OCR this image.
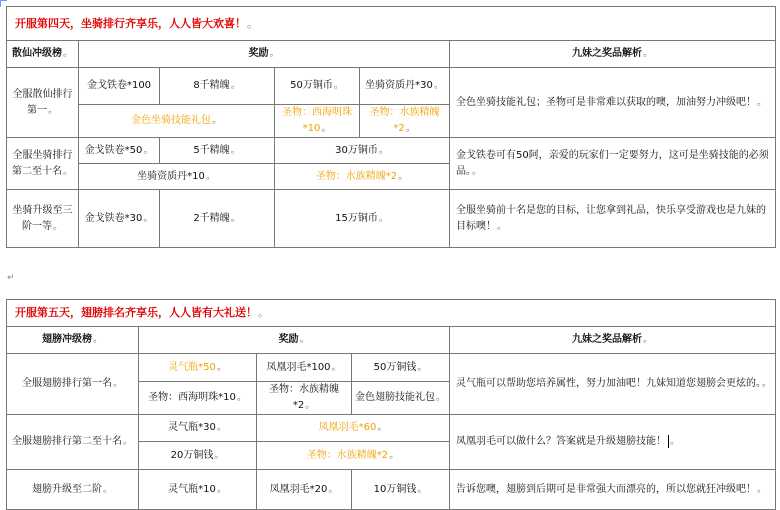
开服第四天，坐骑排行齐享乐，人人皆大欢喜！。					
散仙冲级榜。	奖励。				九妹之奖品解析。
全服散仙排行第一。	金戈铁卷*100	8千精魄。	50万铜币。	坐骑资质丹*30。	全色坐骑技能礼包；圣物可是非常难以获取的噢，加油努力冲级吧！。
	金色坐骑技能礼包。		圣物：西海明珠*10。	圣物：水族精魄*2。	
全服坐骑排行第二至十名。	金戈铁卷*50。	5千精魄。	30万铜币。		金戈铁卷可有50阿，亲爱的玩家们一定要努力，这可是坐骑技能的必须品。。
	坐骑资质丹*10。		圣物：水族精魄*2。		
坐骑升级至三阶一等。	金戈铁卷*30。	2千精魄。	15万铜币。		全服坐骑前十名是您的目标，让您拿到礼品，快乐享受游戏也是九妹的目标噢！。
↵
开服第五天，翅膀排名齐享乐，人人皆有大礼送！。				
翅膀冲级榜。	奖励。			九妹之奖品解析。
全服翅膀排行第一名。	灵气瓶*50。	凤凰羽毛*100。	50万铜钱。	灵气瓶可以帮助您培养属性，努力加油吧！九妹知道您翅膀会更炫的。。
	圣物：西海明珠*10。	圣物：水族精魄*2。	金色翅膀技能礼包。	
全服翅膀排行第二至十名。	灵气瓶*30。	凤凰羽毛*60。		凤凰羽毛可以做什么？答案就是升级翅膀技能！ 。
	20万铜钱。	圣物：水族精魄*2。		
翅膀升级至二阶。	灵气瓶*10。	凤凰羽毛*20。	10万铜钱。	告诉您噢，翅膀到后期可是非常强大而漂亮的，所以您就狂冲级吧！。
